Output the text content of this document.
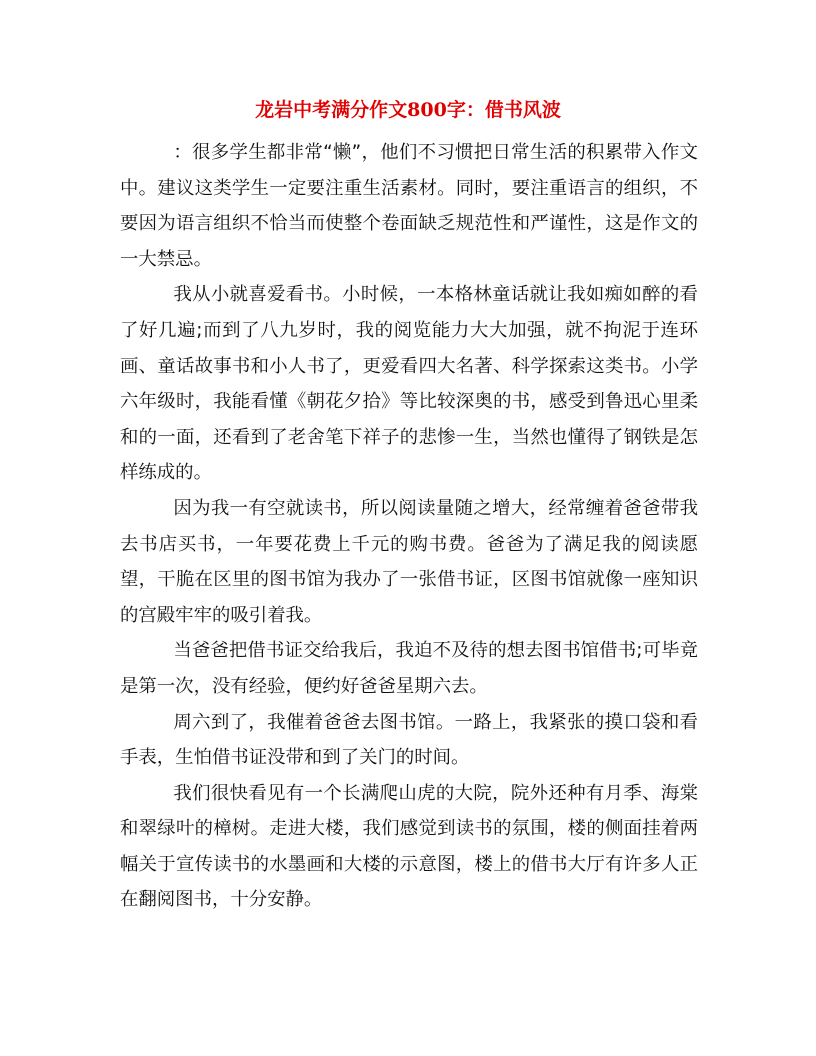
龙岩中考满分作文800字：借书风波

：很多学生都非常“懒”，他们不习惯把日常生活的积累带入作文中。建议这类学生一定要注重生活素材。同时，要注重语言的组织，不要因为语言组织不恰当而使整个卷面缺乏规范性和严谨性，这是作文的一大禁忌。

我从小就喜爱看书。小时候，一本格林童话就让我如痴如醉的看了好几遍;而到了八九岁时，我的阅览能力大大加强，就不拘泥于连环画、童话故事书和小人书了，更爱看四大名著、科学探索这类书。小学六年级时，我能看懂《朝花夕拾》等比较深奥的书，感受到鲁迅心里柔和的一面，还看到了老舍笔下祥子的悲惨一生，当然也懂得了钢铁是怎样练成的。

因为我一有空就读书，所以阅读量随之增大，经常缠着爸爸带我去书店买书，一年要花费上千元的购书费。爸爸为了满足我的阅读愿望，干脆在区里的图书馆为我办了一张借书证，区图书馆就像一座知识的宫殿牢牢的吸引着我。

当爸爸把借书证交给我后，我迫不及待的想去图书馆借书;可毕竟是第一次，没有经验，便约好爸爸星期六去。

周六到了，我催着爸爸去图书馆。一路上，我紧张的摸口袋和看手表，生怕借书证没带和到了关门的时间。

我们很快看见有一个长满爬山虎的大院，院外还种有月季、海棠和翠绿叶的樟树。走进大楼，我们感觉到读书的氛围，楼的侧面挂着两幅关于宣传读书的水墨画和大楼的示意图，楼上的借书大厅有许多人正在翻阅图书，十分安静。
